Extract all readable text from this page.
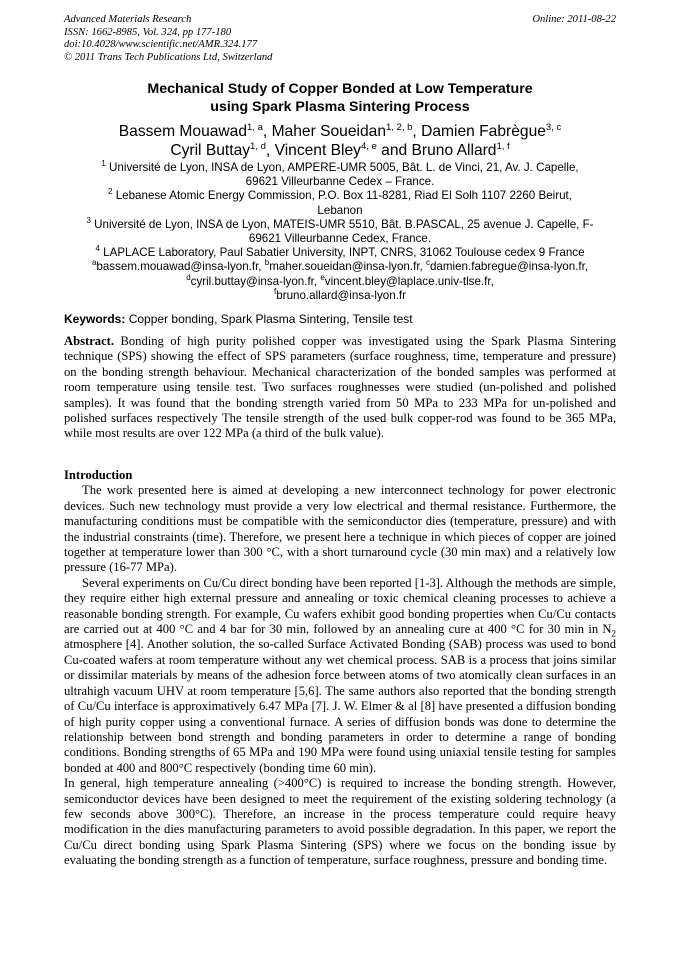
Advanced Materials Research
ISSN: 1662-8985, Vol. 324, pp 177-180
doi:10.4028/www.scientific.net/AMR.324.177
© 2011 Trans Tech Publications Ltd, Switzerland
Online: 2011-08-22
Mechanical Study of Copper Bonded at Low Temperature
using Spark Plasma Sintering Process
Bassem Mouawad$^{1, a}$, Maher Soueidan$^{1, 2, b}$, Damien Fabrègue$^{3, c}$
Cyril Buttay$^{1, d}$, Vincent Bley$^{4, e}$ and Bruno Allard$^{1, f}$
$^1$ Université de Lyon, INSA de Lyon, AMPERE-UMR 5005, Bât. L. de Vinci, 21, Av. J. Capelle,
69621 Villeurbanne Cedex – France.
$^2$ Lebanese Atomic Energy Commission, P.O. Box 11-8281, Riad El Solh 1107 2260 Beirut,
Lebanon
$^3$ Université de Lyon, INSA de Lyon, MATEIS-UMR 5510, Bât. B.PASCAL, 25 avenue J. Capelle, F-
69621 Villeurbanne Cedex, France.
$^4$ LAPLACE Laboratory, Paul Sabatier University, INPT, CNRS, 31062 Toulouse cedex 9 France
$^a$bassem.mouawad@insa-lyon.fr, $^b$maher.soueidan@insa-lyon.fr, $^c$damien.fabregue@insa-lyon.fr,
$^d$cyril.buttay@insa-lyon.fr, $^e$vincent.bley@laplace.univ-tlse.fr,
$^f$bruno.allard@insa-lyon.fr
Keywords: Copper bonding, Spark Plasma Sintering, Tensile test

Abstract. Bonding of high purity polished copper was investigated using the Spark Plasma Sintering technique (SPS) showing the effect of SPS parameters (surface roughness, time, temperature and pressure) on the bonding strength behaviour. Mechanical characterization of the bonded samples was performed at room temperature using tensile test. Two surfaces roughnesses were studied (un-polished and polished samples). It was found that the bonding strength varied from 50 MPa to 233 MPa for un-polished and polished surfaces respectively The tensile strength of the used bulk copper-rod was found to be 365 MPa, while most results are over 122 MPa (a third of the bulk value).

Introduction

The work presented here is aimed at developing a new interconnect technology for power electronic devices. Such new technology must provide a very low electrical and thermal resistance. Furthermore, the manufacturing conditions must be compatible with the semiconductor dies (temperature, pressure) and with the industrial constraints (time). Therefore, we present here a technique in which pieces of copper are joined together at temperature lower than 300 °C, with a short turnaround cycle (30 min max) and a relatively low pressure (16-77 MPa).

Several experiments on Cu/Cu direct bonding have been reported [1-3]. Although the methods are simple, they require either high external pressure and annealing or toxic chemical cleaning processes to achieve a reasonable bonding strength. For example, Cu wafers exhibit good bonding properties when Cu/Cu contacts are carried out at 400 °C and 4 bar for 30 min, followed by an annealing cure at 400 °C for 30 min in $N_2$ atmosphere [4]. Another solution, the so-called Surface Activated Bonding (SAB) process was used to bond Cu-coated wafers at room temperature without any wet chemical process. SAB is a process that joins similar or dissimilar materials by means of the adhesion force between atoms of two atomically clean surfaces in an ultrahigh vacuum UHV at room temperature [5,6]. The same authors also reported that the bonding strength of Cu/Cu interface is approximatively 6.47 MPa [7]. J. W. Elmer & al [8] have presented a diffusion bonding of high purity copper using a conventional furnace. A series of diffusion bonds was done to determine the relationship between bond strength and bonding parameters in order to determine a range of bonding conditions. Bonding strengths of 65 MPa and 190 MPa were found using uniaxial tensile testing for samples bonded at 400 and 800°C respectively (bonding time 60 min).

In general, high temperature annealing (>400°C) is required to increase the bonding strength. However, semiconductor devices have been designed to meet the requirement of the existing soldering technology (a few seconds above 300°C). Therefore, an increase in the process temperature could require heavy modification in the dies manufacturing parameters to avoid possible degradation. In this paper, we report the Cu/Cu direct bonding using Spark Plasma Sintering (SPS) where we focus on the bonding issue by evaluating the bonding strength as a function of temperature, surface roughness, pressure and bonding time.
